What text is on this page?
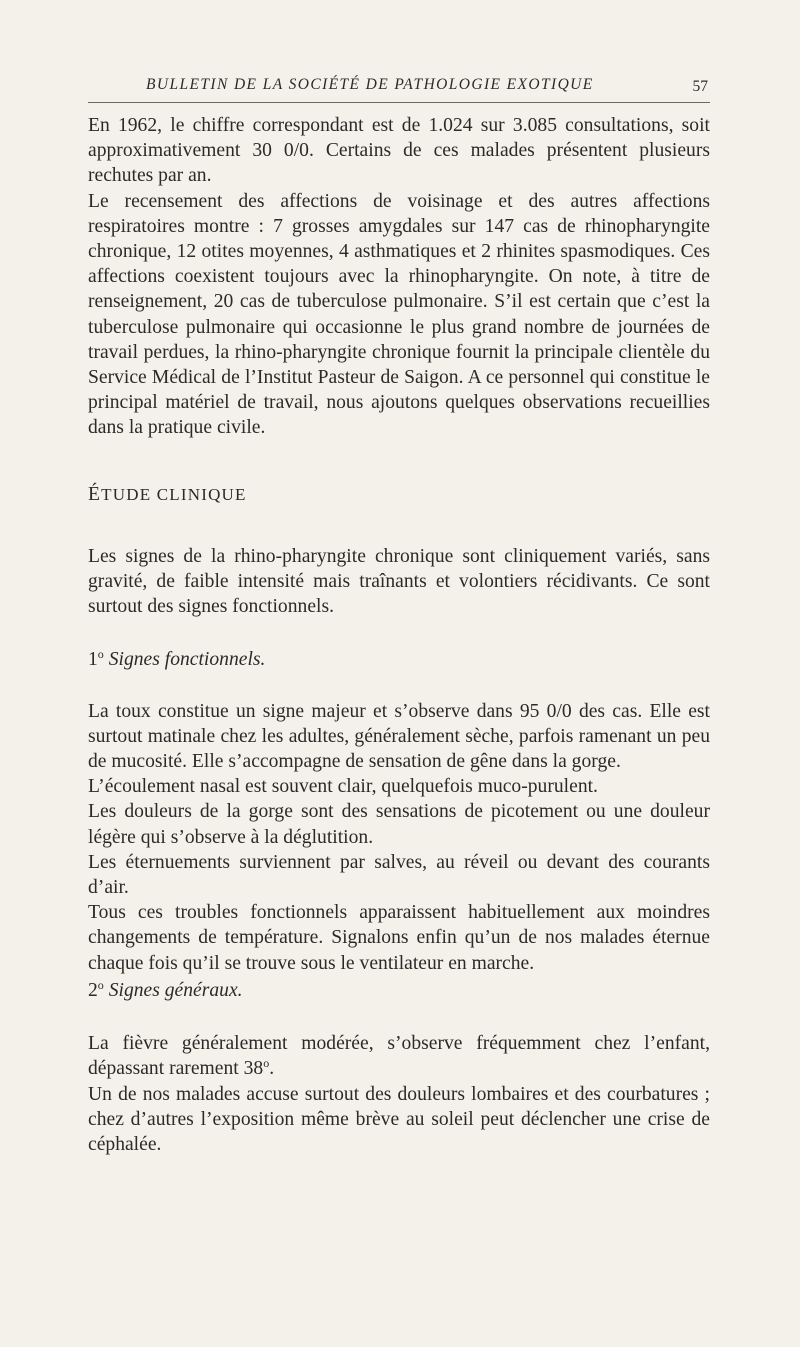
BULLETIN DE LA SOCIÉTÉ DE PATHOLOGIE EXOTIQUE	57

En 1962, le chiffre correspondant est de 1.024 sur 3.085 consultations, soit approximativement 30 0/0. Certains de ces malades présentent plusieurs rechutes par an.

Le recensement des affections de voisinage et des autres affections respiratoires montre : 7 grosses amygdales sur 147 cas de rhinopharyngite chronique, 12 otites moyennes, 4 asthmatiques et 2 rhinites spasmodiques. Ces affections coexistent toujours avec la rhinopharyngite. On note, à titre de renseignement, 20 cas de tuberculose pulmonaire. S’il est certain que c’est la tuberculose pulmonaire qui occasionne le plus grand nombre de journées de travail perdues, la rhino-pharyngite chronique fournit la principale clientèle du Service Médical de l’Institut Pasteur de Saigon. A ce personnel qui constitue le principal matériel de travail, nous ajoutons quelques observations recueillies dans la pratique civile.

ÉTUDE CLINIQUE

Les signes de la rhino-pharyngite chronique sont cliniquement variés, sans gravité, de faible intensité mais traînants et volontiers récidivants. Ce sont surtout des signes fonctionnels.

1$^o$ Signes fonctionnels.

La toux constitue un signe majeur et s’observe dans 95 0/0 des cas. Elle est surtout matinale chez les adultes, généralement sèche, parfois ramenant un peu de mucosité. Elle s’accompagne de sensation de gêne dans la gorge.

L’écoulement nasal est souvent clair, quelquefois muco-purulent.

Les douleurs de la gorge sont des sensations de picotement ou une douleur légère qui s’observe à la déglutition.

Les éternuements surviennent par salves, au réveil ou devant des courants d’air.

Tous ces troubles fonctionnels apparaissent habituellement aux moindres changements de température. Signalons enfin qu’un de nos malades éternue chaque fois qu’il se trouve sous le ventilateur en marche.

2$^o$ Signes généraux.

La fièvre généralement modérée, s’observe fréquemment chez l’enfant, dépassant rarement 38$^o$.

Un de nos malades accuse surtout des douleurs lombaires et des courbatures ; chez d’autres l’exposition même brève au soleil peut déclencher une crise de céphalée.
